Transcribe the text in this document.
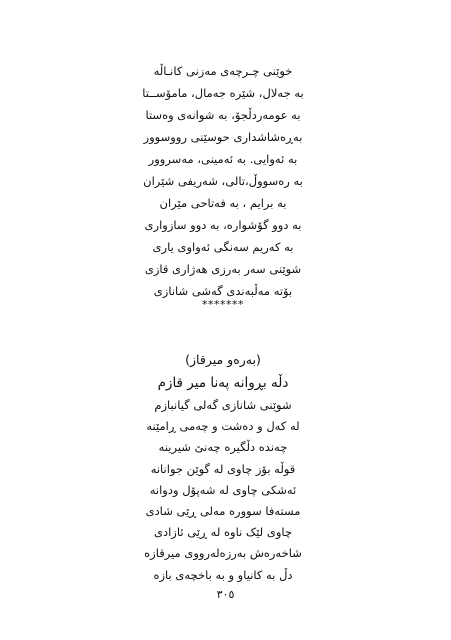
خوێنی چـرچەی مەزنی کانـاڵە
بە جەلال، شێرە جەمال، مامۆســتا
بە عومەردڵجۆ، بە شوانەی وەستا
بەڕەشاشداری حوسێنی رووسوور
بە ئەوایی. بە ئەمینی، مەسروور
بە رەسووڵ،تالی، شەریفی شێران
بە برایم ، بە فەتاحی مێران
بە دوو گۆشوارە، بە دوو سازواری
بە کەریم سەنگی ئەواوی یاری
شوێنی سەر بەرزی هەژاری قازی
بۆتە مەڵبەندی گەشی شانازی
*******
(بەرەو میرقاز)
دڵە بڕوانە پەنا میر قازم
شوێنی شانازی گەلی گیانبازم
لە کەل و دەشت و چەمی ڕامێنە
چەندە دڵگیرە چەنێ شیرینە
قوڵە بۆز چاوی لە گوێن جوانانە
ئەشکی چاوی لە شەپۆل ودوانە
مستەفا سوورە مەلی ڕێی شادی
چاوی لێک ناوە لە ڕێی ئازادی
شاخەرەش بەرزەلەرووی میرقازە
دڵ بە کانیاو و بە باخچەی بازە
٣٠٥
